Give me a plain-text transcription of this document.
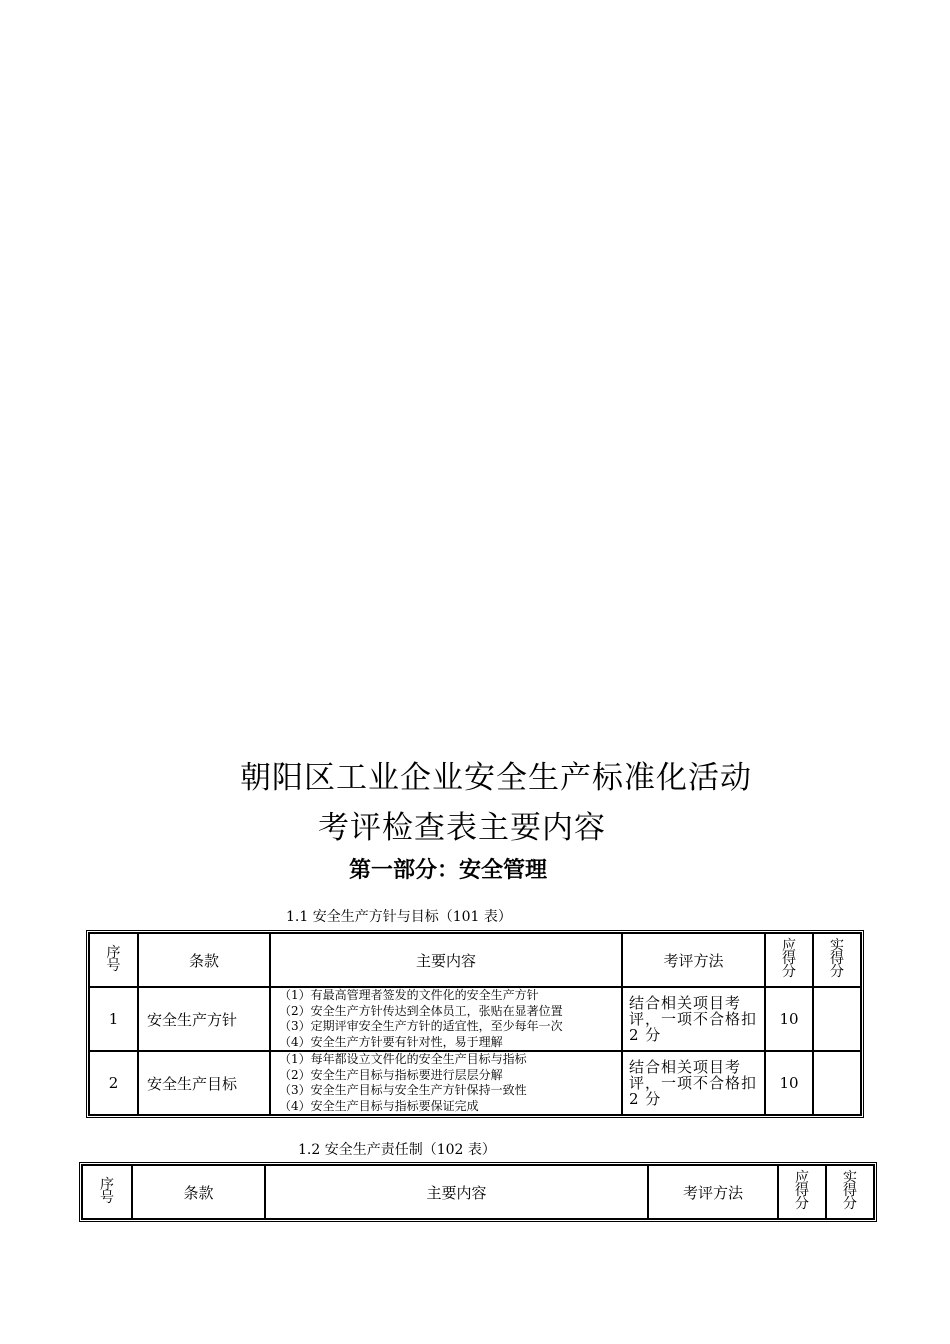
朝阳区工业企业安全生产标准化活动
考评检查表主要内容
第一部分：安全管理
1.1 安全生产方针与目标（101 表）
序号	条款	主要内容	考评方法	应得分	实得分
1	安全生产方针	（1）有最高管理者签发的文件化的安全生产方针
（2）安全生产方针传达到全体员工，张贴在显著位置
（3）定期评审安全生产方针的适宜性，至少每年一次
（4）安全生产方针要有针对性，易于理解	结合相关项目考评，一项不合格扣 2 分	10	
2	安全生产目标	（1）每年都设立文件化的安全生产目标与指标
（2）安全生产目标与指标要进行层层分解
（3）安全生产目标与安全生产方针保持一致性
（4）安全生产目标与指标要保证完成	结合相关项目考评，一项不合格扣 2 分	10	
1.2 安全生产责任制（102 表）
序号	条款	主要内容	考评方法	应得分	实得分
